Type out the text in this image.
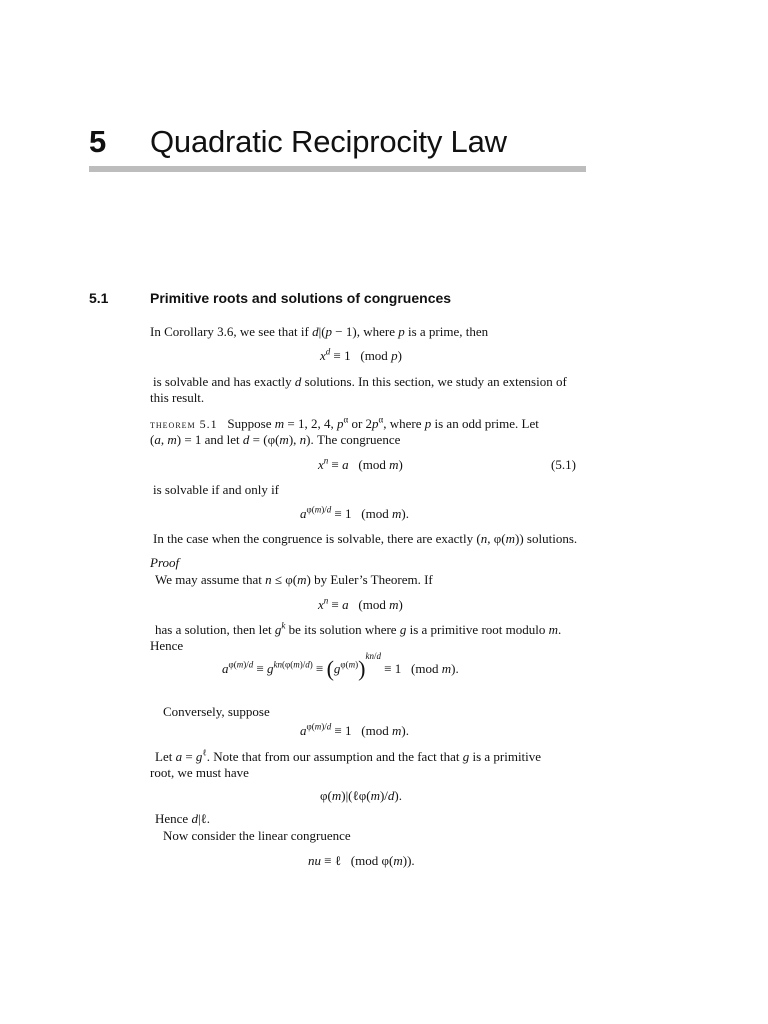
5 Quadratic Reciprocity Law
5.1	Primitive roots and solutions of congruences
In Corollary 3.6, we see that if d|(p − 1), where p is a prime, then
$x^d \equiv 1$   (mod p)
is solvable and has exactly d solutions. In this section, we study an extension of
this result.
theorem 5.1 Suppose m = 1, 2, 4, $p^\alpha$ or $2p^\alpha$, where p is an odd prime. Let
(a, m) = 1 and let d = (φ(m), n). The congruence
$x^n \equiv a$   (mod m)	(5.1)
is solvable if and only if
$a^{\varphi(m)/d} \equiv 1$   (mod m).
In the case when the congruence is solvable, there are exactly (n, φ(m)) solutions.
Proof
We may assume that n ≤ φ(m) by Euler’s Theorem. If
$x^n \equiv a$   (mod m)
has a solution, then let $g^k$ be its solution where g is a primitive root modulo m.
Hence
$a^{\varphi(m)/d} \equiv g^{kn(\varphi(m)/d)} \equiv (g^{\varphi(m)})^{kn/d} \equiv 1$   (mod m).
Conversely, suppose
$a^{\varphi(m)/d} \equiv 1$   (mod m).
Let $a = g^\ell$. Note that from our assumption and the fact that g is a primitive
root, we must have
φ(m)|(ℓφ(m)/d).
Hence d|ℓ.
Now consider the linear congruence
nu ≡ ℓ   (mod φ(m)).
